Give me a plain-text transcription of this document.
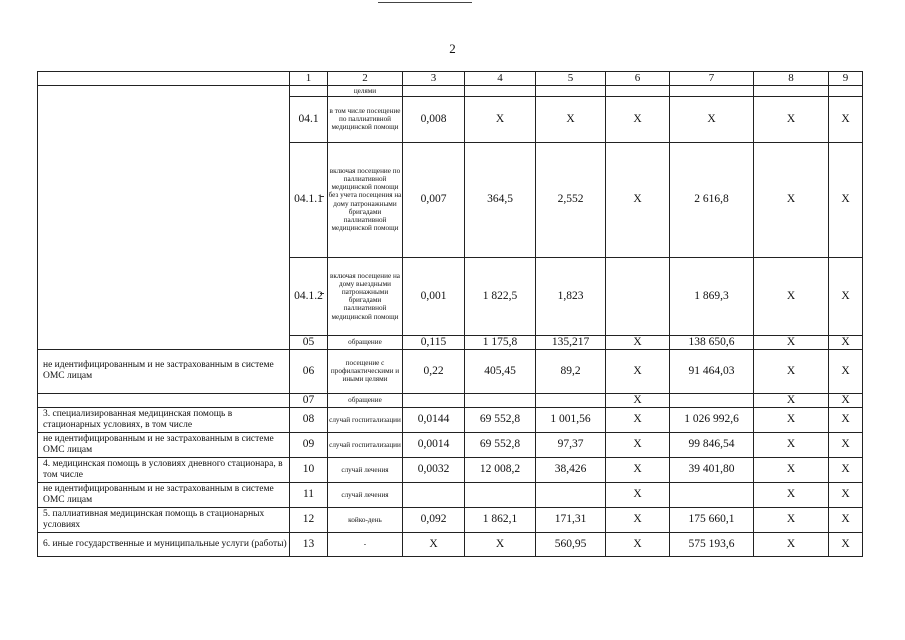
2
	1	2	3	4	5	6	7	8	9
		целями							
	04.1	в том числе посещение по паллиативной медицинской помощи	0,008	X	X	X	X	X	X
	04.1.1	включая посещение по паллиативной медицинской помощи без учета посещения на дому патронажными бригадами паллиативной медицинской помощи	0,007	364,5	2,552	X	2 616,8	X	X
	04.1.2	включая посещение на дому выездными патронажными бригадами паллиативной медицинской помощи	0,001	1 822,5	1,823		1 869,3	X	X
	05	обращение	0,115	1 175,8	135,217	X	138 650,6	X	X
не идентифицированным и не застрахованным в системе ОМС лицам	06	посещение с профилактическими и иными целями	0,22	405,45	89,2	X	91 464,03	X	X
	07	обращение				X		X	X
3. специализированная медицинская помощь в стационарных условиях, в том числе	08	случай госпитализации	0,0144	69 552,8	1 001,56	X	1 026 992,6	X	X
не идентифицированным и не застрахованным в системе ОМС лицам	09	случай госпитализации	0,0014	69 552,8	97,37	X	99 846,54	X	X
4. медицинская помощь в условиях дневного стационара, в том числе	10	случай лечения	0,0032	12 008,2	38,426	X	39 401,80	X	X
не идентифицированным и не застрахованным в системе ОМС лицам	11	случай лечения				X		X	X
5. паллиативная медицинская помощь в стационарных условиях	12	койко-день	0,092	1 862,1	171,31	X	175 660,1	X	X
6. иные государственные и муниципальные услуги (работы)	13	-	X	X	560,95	X	575 193,6	X	X
